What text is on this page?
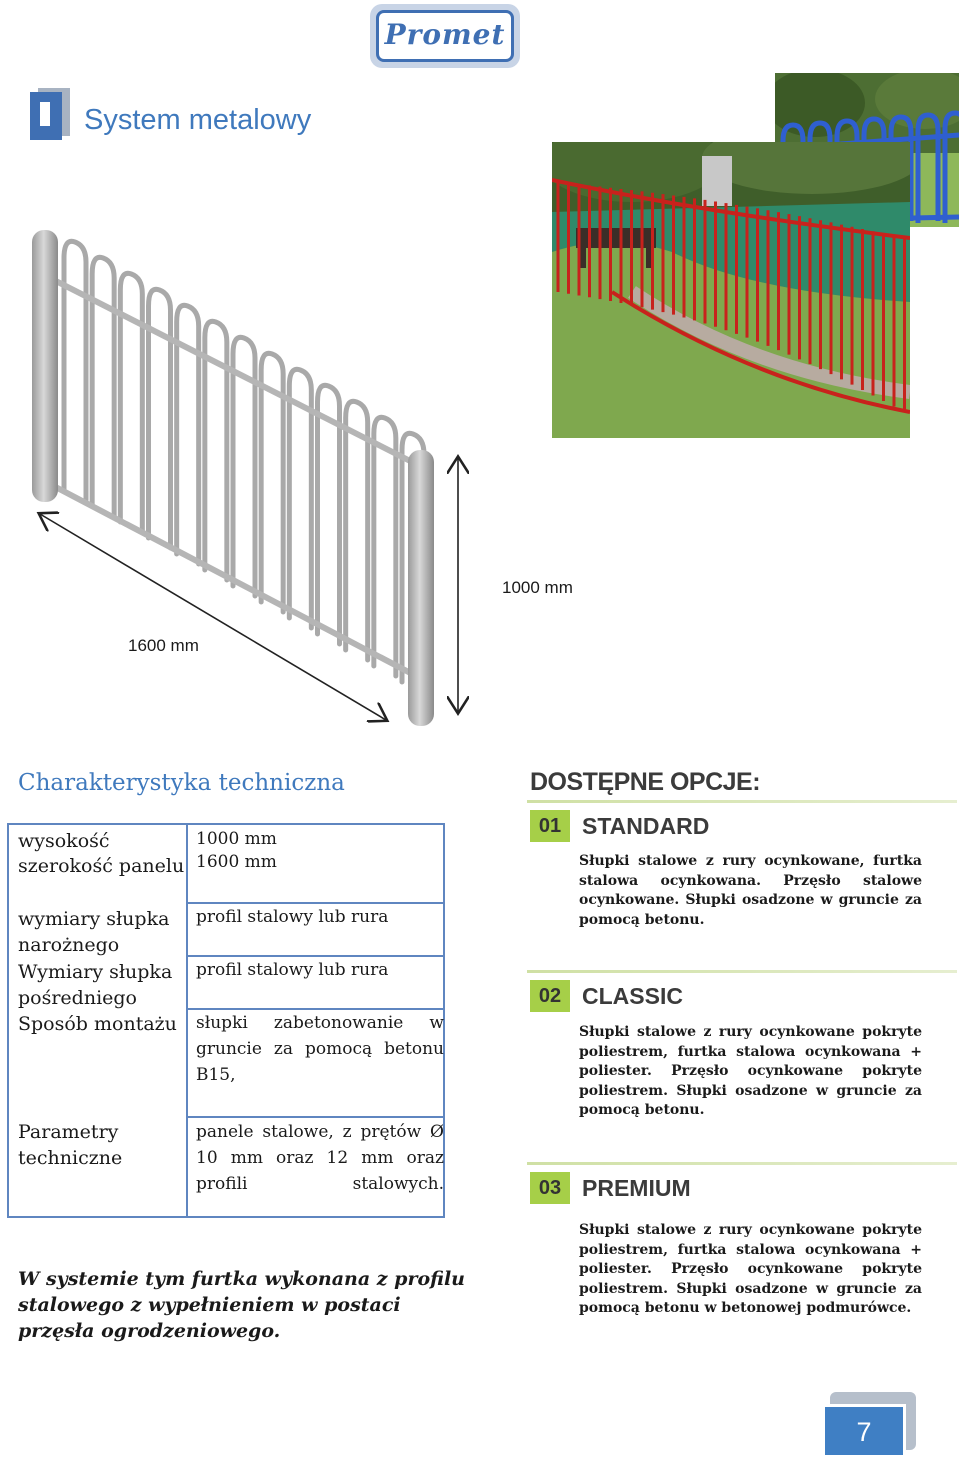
Promet
System metalowy
1000 mm
1600 mm
Charakterystyka techniczna
wysokość	1000 mm
szerokość panelu 1600 mm
wymiary słupka narożnego
profil stalowy lub rura
Wymiary słupka pośredniego
profil stalowy lub rura
Sposób montażu	słupki zabetonowanie w gruncie za pomocą betonu B15,
Parametry techniczne
panele stalowe, z prętów Ø 10 mm oraz 12 mm oraz profili stalowych.
W systemie tym furtka wykonana z profilu stalowego z wypełnieniem w postaci przęsła ogrodzeniowego.
DOSTĘPNE OPCJE:
01 STANDARD
Słupki stalowe z rury ocynkowane, furtka stalowa ocynkowana. Przęsło stalowe ocynkowane. Słupki osadzone w gruncie za pomocą betonu.
02 CLASSIC
Słupki stalowe z rury ocynkowane pokryte poliestrem, furtka stalowa ocynkowana + poliester. Przęsło ocynkowane pokryte poliestrem. Słupki osadzone w gruncie za pomocą betonu.
03 PREMIUM
Słupki stalowe z rury ocynkowane pokryte poliestrem, furtka stalowa ocynkowana + poliester. Przęsło ocynkowane pokryte poliestrem. Słupki osadzone w gruncie za pomocą betonu w betonowej podmurówce.
7
